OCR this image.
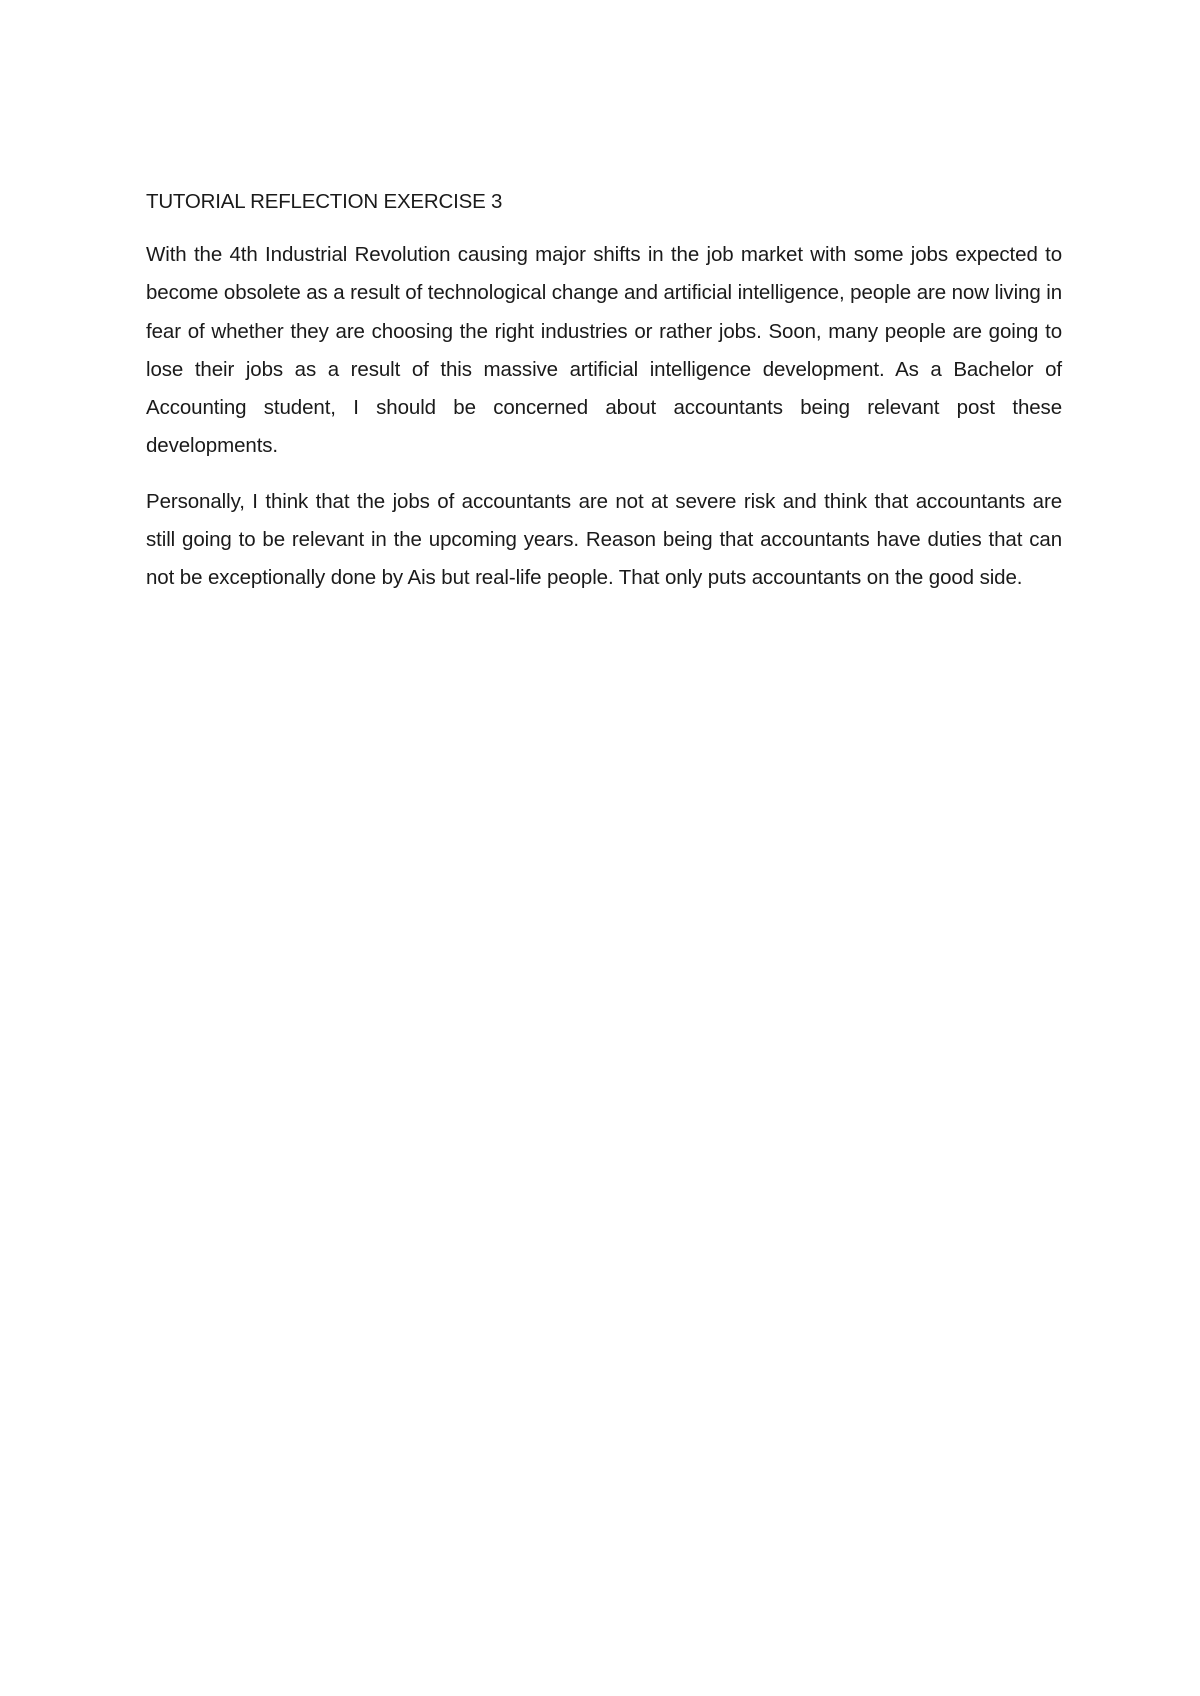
TUTORIAL REFLECTION EXERCISE 3

With the 4th Industrial Revolution causing major shifts in the job market with some jobs expected to become obsolete as a result of technological change and artificial intelligence, people are now living in fear of whether they are choosing the right industries or rather jobs. Soon, many people are going to lose their jobs as a result of this massive artificial intelligence development. As a Bachelor of Accounting student, I should be concerned about accountants being relevant post these developments.

Personally, I think that the jobs of accountants are not at severe risk and think that accountants are still going to be relevant in the upcoming years. Reason being that accountants have duties that can not be exceptionally done by Ais but real-life people. That only puts accountants on the good side.
